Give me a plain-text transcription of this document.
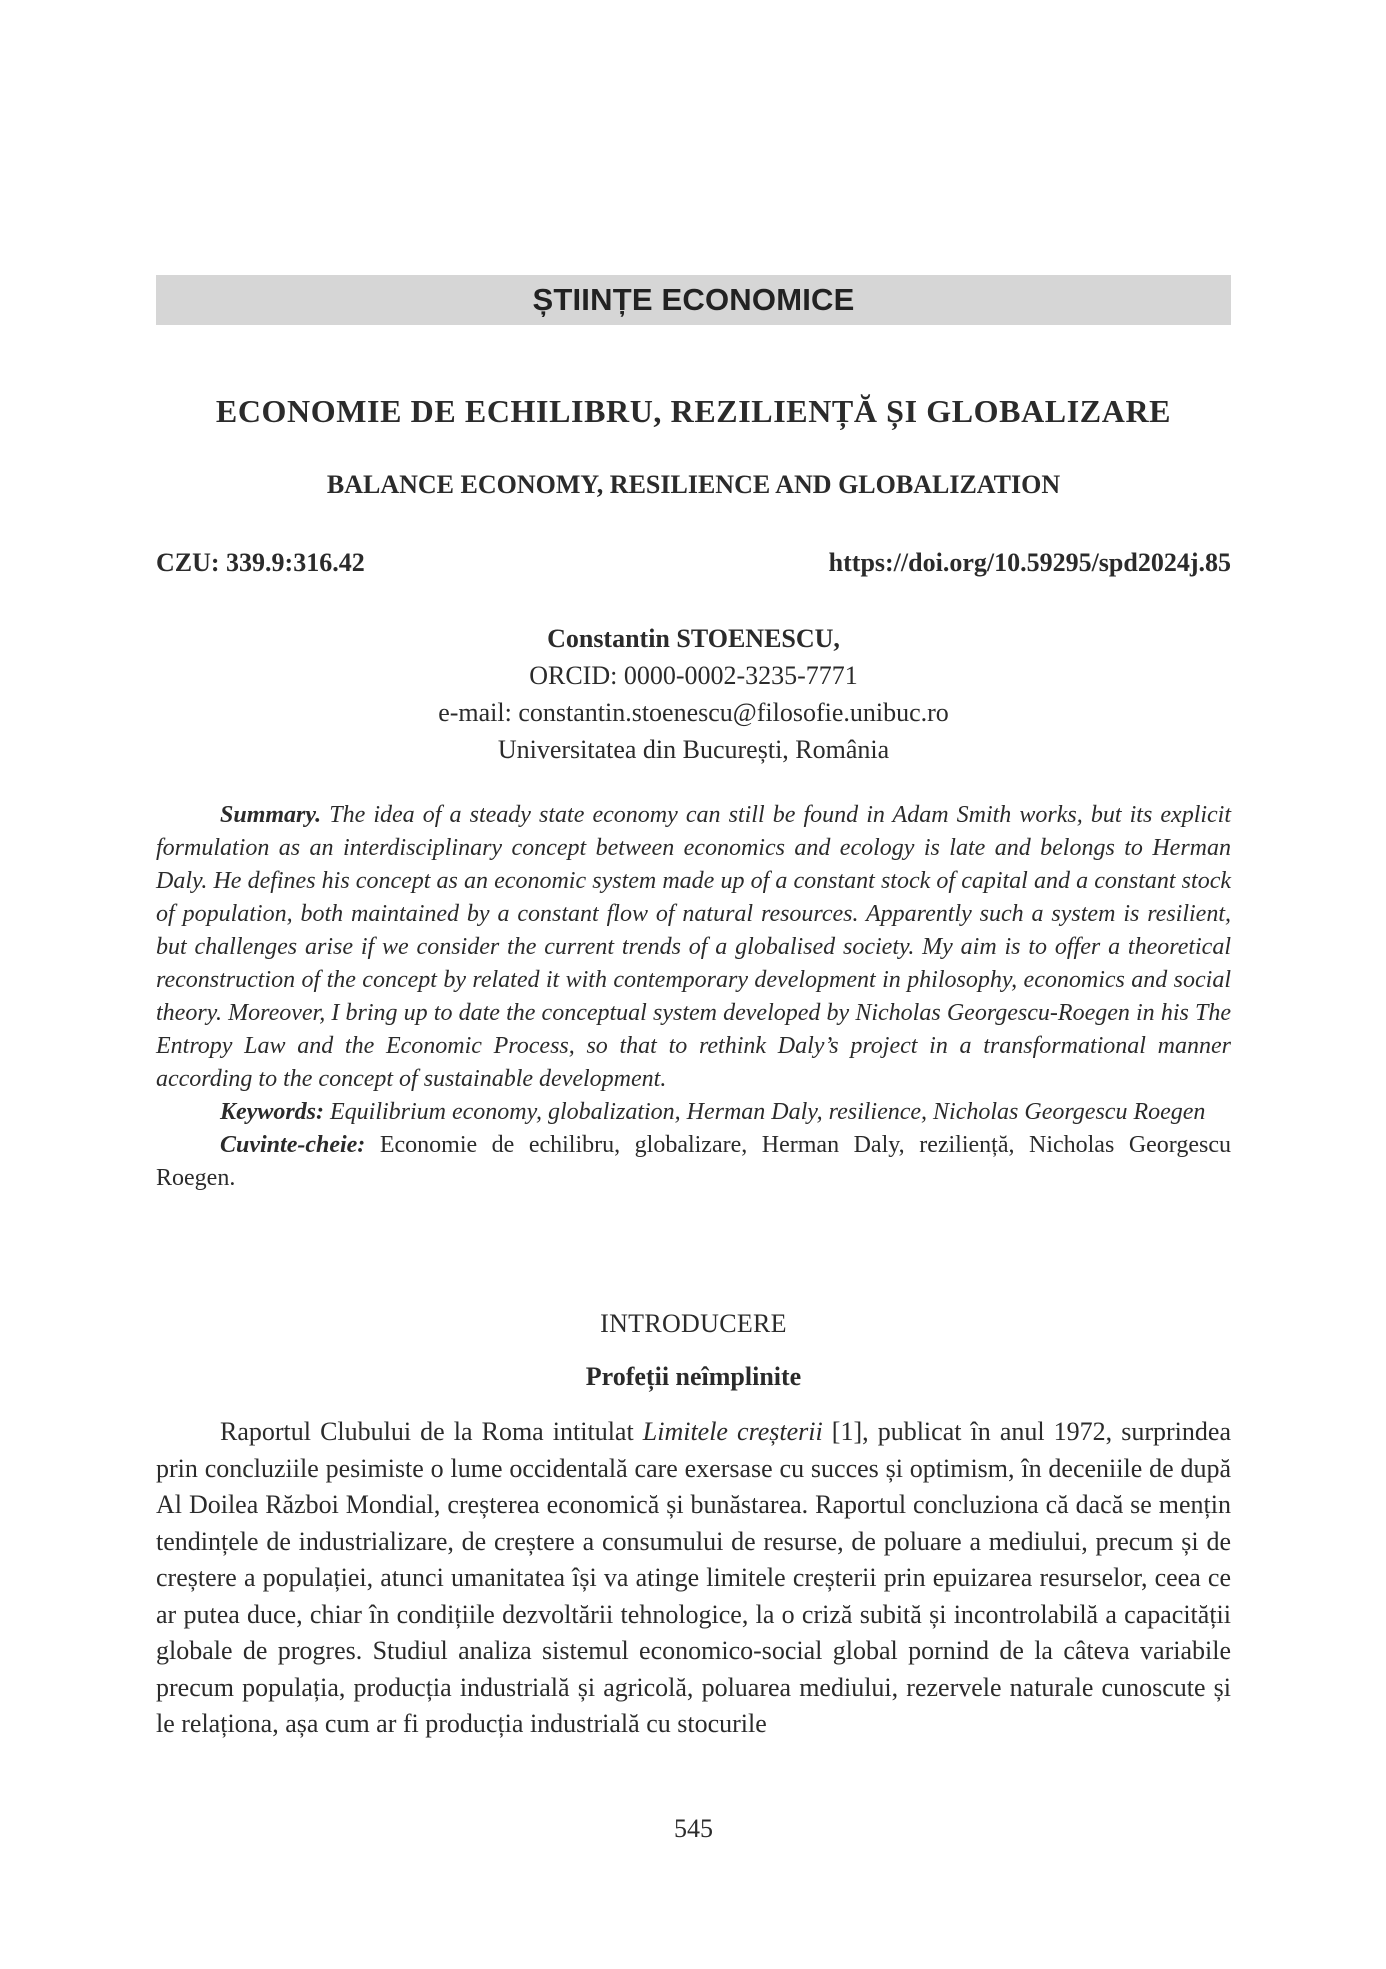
ȘTIINȚE ECONOMICE
ECONOMIE DE ECHILIBRU, REZILIENȚĂ ȘI GLOBALIZARE
BALANCE ECONOMY, RESILIENCE AND GLOBALIZATION
CZU: 339.9:316.42	https://doi.org/10.59295/spd2024j.85
Constantin STOENESCU,
ORCID: 0000-0002-3235-7771
e-mail: constantin.stoenescu@filosofie.unibuc.ro
Universitatea din București, România

Summary. The idea of a steady state economy can still be found in Adam Smith works, but its explicit formulation as an interdisciplinary concept between economics and ecology is late and belongs to Herman Daly. He defines his concept as an economic system made up of a constant stock of capital and a constant stock of population, both maintained by a constant flow of natural resources. Apparently such a system is resilient, but challenges arise if we consider the current trends of a globalised society. My aim is to offer a theoretical reconstruction of the concept by related it with contemporary development in philosophy, economics and social theory. Moreover, I bring up to date the conceptual system developed by Nicholas Georgescu-Roegen in his The Entropy Law and the Economic Process, so that to rethink Daly’s project in a transformational manner according to the concept of sustainable development.

Keywords: Equilibrium economy, globalization, Herman Daly, resilience, Nicholas Georgescu Roegen

Cuvinte-cheie: Economie de echilibru, globalizare, Herman Daly, reziliență, Nicholas Georgescu Roegen.

INTRODUCERE
Profeții neîmplinite

Raportul Clubului de la Roma intitulat Limitele creșterii [1], publicat în anul 1972, surprindea prin concluziile pesimiste o lume occidentală care exersase cu succes și optimism, în deceniile de după Al Doilea Război Mondial, creșterea economică și bunăstarea. Raportul concluziona că dacă se mențin tendințele de industrializare, de creștere a consumului de resurse, de poluare a mediului, precum și de creștere a populației, atunci umanitatea își va atinge limitele creșterii prin epuizarea resurselor, ceea ce ar putea duce, chiar în condițiile dezvoltării tehnologice, la o criză subită și incontrolabilă a capacității globale de progres. Studiul analiza sistemul economico-social global pornind de la câteva variabile precum populația, producția industrială și agricolă, poluarea mediului, rezervele naturale cunoscute și le relaționa, așa cum ar fi producția industrială cu stocurile

545
